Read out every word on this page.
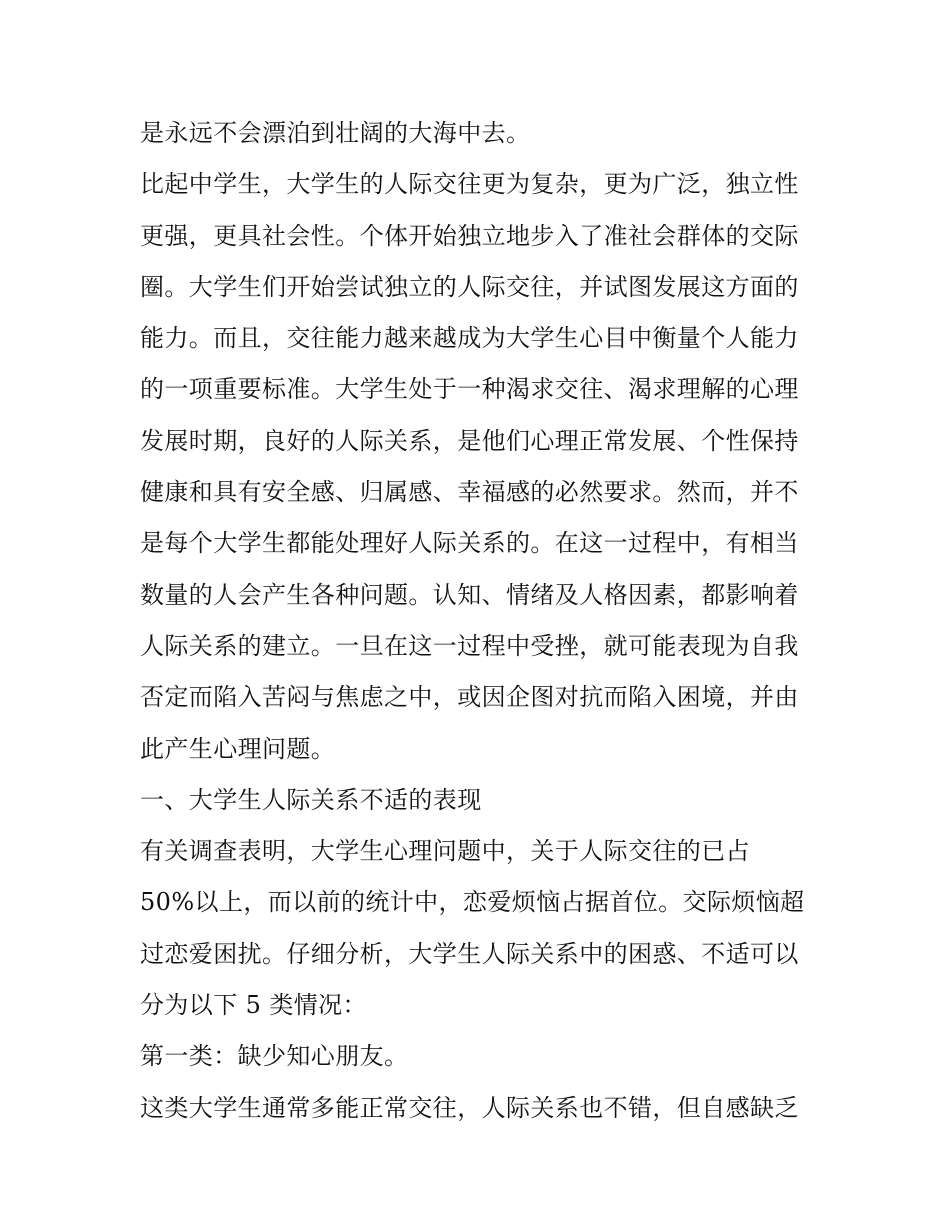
是永远不会漂泊到壮阔的大海中去。
比起中学生，大学生的人际交往更为复杂，更为广泛，独立性
更强，更具社会性。个体开始独立地步入了准社会群体的交际
圈。大学生们开始尝试独立的人际交往，并试图发展这方面的
能力。而且，交往能力越来越成为大学生心目中衡量个人能力
的一项重要标准。大学生处于一种渴求交往、渴求理解的心理
发展时期，良好的人际关系，是他们心理正常发展、个性保持
健康和具有安全感、归属感、幸福感的必然要求。然而，并不
是每个大学生都能处理好人际关系的。在这一过程中，有相当
数量的人会产生各种问题。认知、情绪及人格因素，都影响着
人际关系的建立。一旦在这一过程中受挫，就可能表现为自我
否定而陷入苦闷与焦虑之中，或因企图对抗而陷入困境，并由
此产生心理问题。
一、大学生人际关系不适的表现
有关调查表明，大学生心理问题中，关于人际交往的已占
50%以上，而以前的统计中，恋爱烦恼占据首位。交际烦恼超
过恋爱困扰。仔细分析，大学生人际关系中的困惑、不适可以
分为以下 5 类情况：
第一类：缺少知心朋友。
这类大学生通常多能正常交往，人际关系也不错，但自感缺乏
